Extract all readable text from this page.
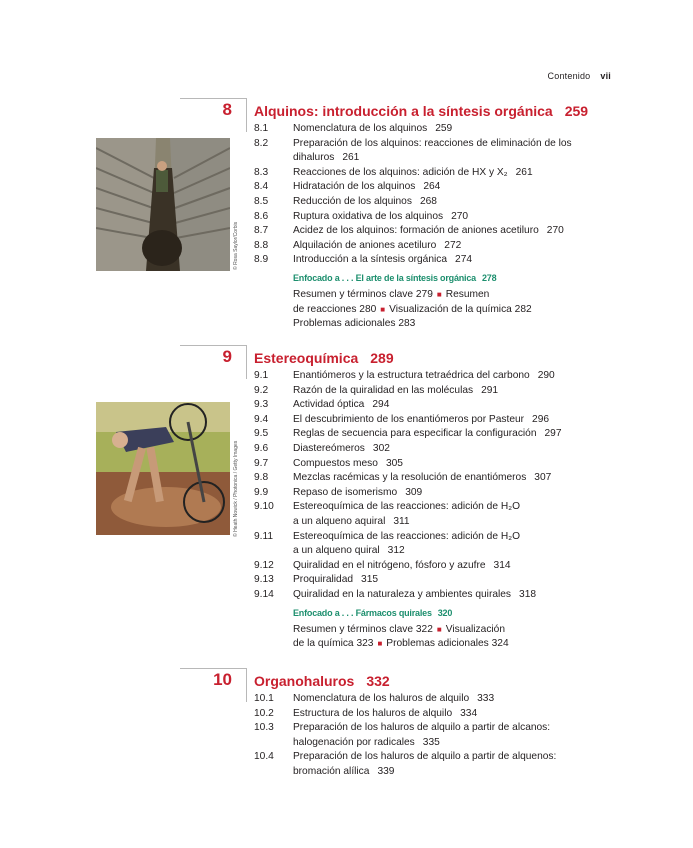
Contenido vii
8 Alquinos: introducción a la síntesis orgánica 259
© Rosa Saylor/Corbis
8.1 Nomenclatura de los alquinos 259
8.2 Preparación de los alquinos: reacciones de eliminación de los
dihaluros 261
8.3 Reacciones de los alquinos: adición de HX y X₂ 261
8.4 Hidratación de los alquinos 264
8.5 Reducción de los alquinos 268
8.6 Ruptura oxidativa de los alquinos 270
8.7 Acidez de los alquinos: formación de aniones acetiluro 270
8.8 Alquilación de aniones acetiluro 272
8.9 Introducción a la síntesis orgánica 274
Enfocado a . . . El arte de la síntesis orgánica 278
Resumen y términos clave 279 ■ Resumen
de reacciones 280 ■ Visualización de la química 282
Problemas adicionales 283
9 Estereoquímica 289
© Heath Nowick / Photonica / Getty Images
9.1 Enantiómeros y la estructura tetraédrica del carbono 290
9.2 Razón de la quiralidad en las moléculas 291
9.3 Actividad óptica 294
9.4 El descubrimiento de los enantiómeros por Pasteur 296
9.5 Reglas de secuencia para especificar la configuración 297
9.6 Diastereómeros 302
9.7 Compuestos meso 305
9.8 Mezclas racémicas y la resolución de enantiómeros 307
9.9 Repaso de isomerismo 309
9.10 Estereoquímica de las reacciones: adición de H₂O
a un alqueno aquiral 311
9.11 Estereoquímica de las reacciones: adición de H₂O
a un alqueno quiral 312
9.12 Quiralidad en el nitrógeno, fósforo y azufre 314
9.13 Proquiralidad 315
9.14 Quiralidad en la naturaleza y ambientes quirales 318
Enfocado a . . . Fármacos quirales 320
Resumen y términos clave 322 ■ Visualización
de la química 323 ■ Problemas adicionales 324
10 Organohaluros 332
10.1 Nomenclatura de los haluros de alquilo 333
10.2 Estructura de los haluros de alquilo 334
10.3 Preparación de los haluros de alquilo a partir de alcanos:
halogenación por radicales 335
10.4 Preparación de los haluros de alquilo a partir de alquenos:
bromación alílica 339
